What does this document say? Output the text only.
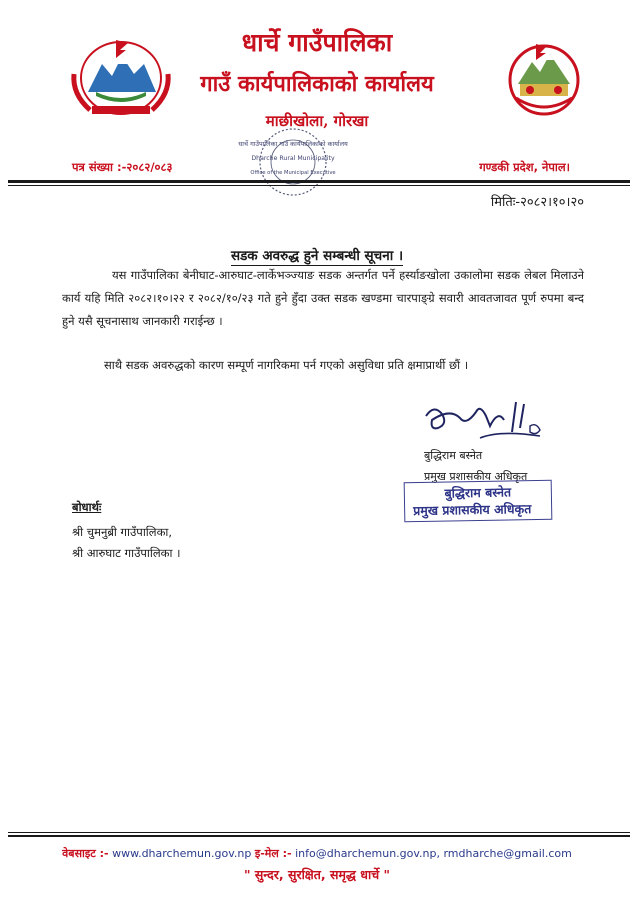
धार्चे गाउँपालिका
गाउँ कार्यपालिकाको कार्यालय
माछीखोला, गोरखा
धार्चे गाउँपालिका गाउँ कार्यपालिकाको कार्यालय
Dharche Rural Municipality
Office of the Municipal Executive
पत्र संख्या :-२०८२/०८३	गण्डकी प्रदेश, नेपाल।
मितिः-२०८२।१०।२०
सडक अवरुद्ध हुने सम्बन्धी सूचना ।
यस गाउँपालिका बेनीघाट-आरुघाट-लार्केभञ्ज्याङ सडक अन्तर्गत पर्ने हर्स्याङखोला उकालोमा सडक लेबल मिलाउने कार्य यहि मिति २०८२।१०।२२ र २०८२/१०/२३ गते हुने हुँदा उक्त सडक खण्डमा चारपाङ्ग्रे सवारी आवतजावत पूर्ण रुपमा बन्द हुने यसै सूचनासाथ जानकारी गराईन्छ ।
साथै सडक अवरुद्धको कारण सम्पूर्ण नागरिकमा पर्न गएको असुविधा प्रति क्षमाप्रार्थी छौं ।
बुद्धिराम बस्नेत
प्रमुख प्रशासकीय अधिकृत
बुद्धिराम बस्नेत
प्रमुख प्रशासकीय अधिकृत
बोधार्थः
श्री चुमनुब्री गाउँपालिका,
श्री आरुघाट गाउँपालिका ।
वेबसाइट :- www.dharchemun.gov.np इ-मेल :- info@dharchemun.gov.np, rmdharche@gmail.com
" सुन्दर, सुरक्षित, समृद्ध धार्चे "
